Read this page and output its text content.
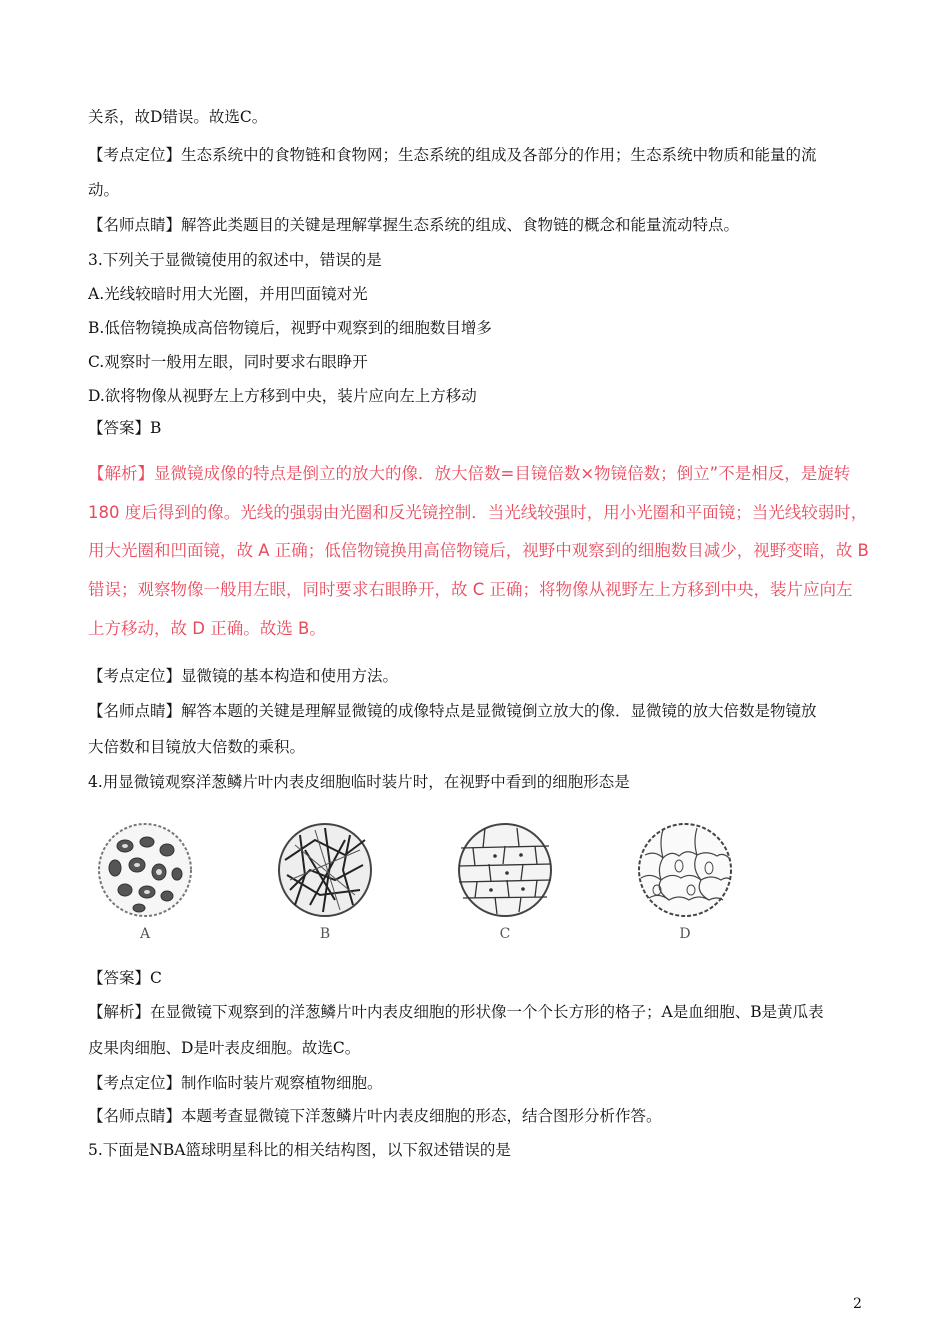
关系，故D错误。故选C。
【考点定位】生态系统中的食物链和食物网；生态系统的组成及各部分的作用；生态系统中物质和能量的流
动。
【名师点睛】解答此类题目的关键是理解掌握生态系统的组成、食物链的概念和能量流动特点。
3.下列关于显微镜使用的叙述中，错误的是
A.光线较暗时用大光圈，并用凹面镜对光
B.低倍物镜换成高倍物镜后，视野中观察到的细胞数目增多
C.观察时一般用左眼，同时要求右眼睁开
D.欲将物像从视野左上方移到中央，装片应向左上方移动
【答案】B
【解析】显微镜成像的特点是倒立的放大的像．放大倍数=目镜倍数×物镜倍数；倒立”不是相反，是旋转
180 度后得到的像。光线的强弱由光圈和反光镜控制．当光线较强时，用小光圈和平面镜；当光线较弱时，
用大光圈和凹面镜，故 A 正确；低倍物镜换用高倍物镜后，视野中观察到的细胞数目减少，视野变暗，故 B
错误；观察物像一般用左眼，同时要求右眼睁开，故 C 正确；将物像从视野左上方移到中央，装片应向左
上方移动，故 D 正确。故选 B。
【考点定位】显微镜的基本构造和使用方法。
【名师点睛】解答本题的关键是理解显微镜的成像特点是显微镜倒立放大的像．显微镜的放大倍数是物镜放
大倍数和目镜放大倍数的乘积。
4.用显微镜观察洋葱鳞片叶内表皮细胞临时装片时，在视野中看到的细胞形态是
【答案】C
【解析】在显微镜下观察到的洋葱鳞片叶内表皮细胞的形状像一个个长方形的格子；A是血细胞、B是黄瓜表
皮果肉细胞、D是叶表皮细胞。故选C。
【考点定位】制作临时装片观察植物细胞。
【名师点睛】本题考查显微镜下洋葱鳞片叶内表皮细胞的形态，结合图形分析作答。
5.下面是NBA篮球明星科比的相关结构图，以下叙述错误的是
A	B	C	D
2
